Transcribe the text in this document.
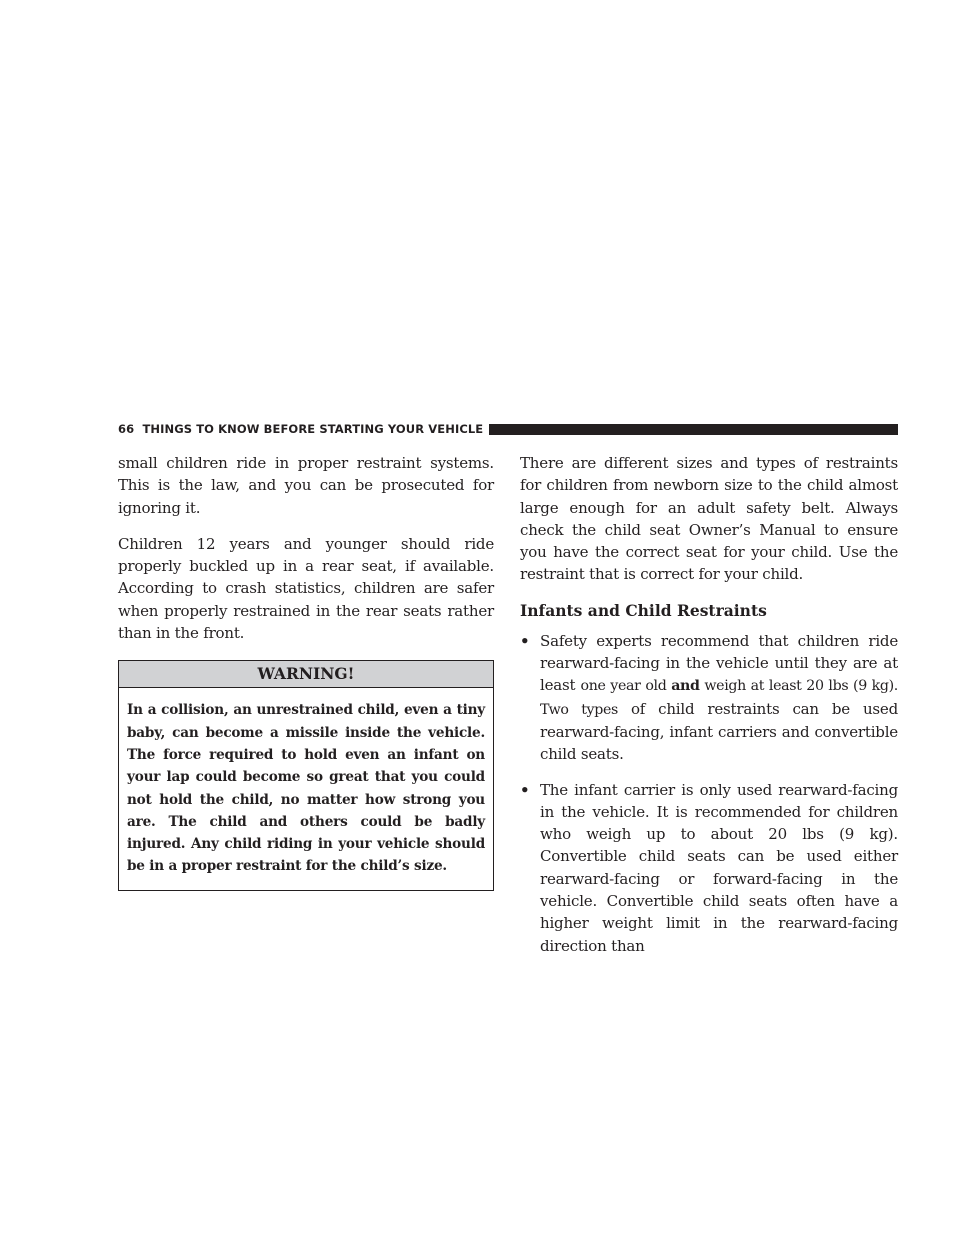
66 THINGS TO KNOW BEFORE STARTING YOUR VEHICLE

small children ride in proper restraint systems. This is the law, and you can be prosecuted for ignoring it.

Children 12 years and younger should ride properly buckled up in a rear seat, if available. According to crash statistics, children are safer when properly restrained in the rear seats rather than in the front.

WARNING!
In a collision, an unrestrained child, even a tiny baby, can become a missile inside the vehicle. The force required to hold even an infant on your lap could become so great that you could not hold the child, no matter how strong you are. The child and others could be badly injured. Any child riding in your vehicle should be in a proper restraint for the child’s size.

There are different sizes and types of restraints for children from newborn size to the child almost large enough for an adult safety belt. Always check the child seat Owner’s Manual to ensure you have the correct seat for your child. Use the restraint that is correct for your child.

Infants and Child Restraints
• Safety experts recommend that children ride rearward-facing in the vehicle until they are at least one year old and weigh at least 20 lbs (9 kg). Two types of child restraints can be used rearward-facing, infant carriers and convertible child seats.
• The infant carrier is only used rearward-facing in the vehicle. It is recommended for children who weigh up to about 20 lbs (9 kg). Convertible child seats can be used either rearward-facing or forward-facing in the vehicle. Convertible child seats often have a higher weight limit in the rearward-facing direction than
